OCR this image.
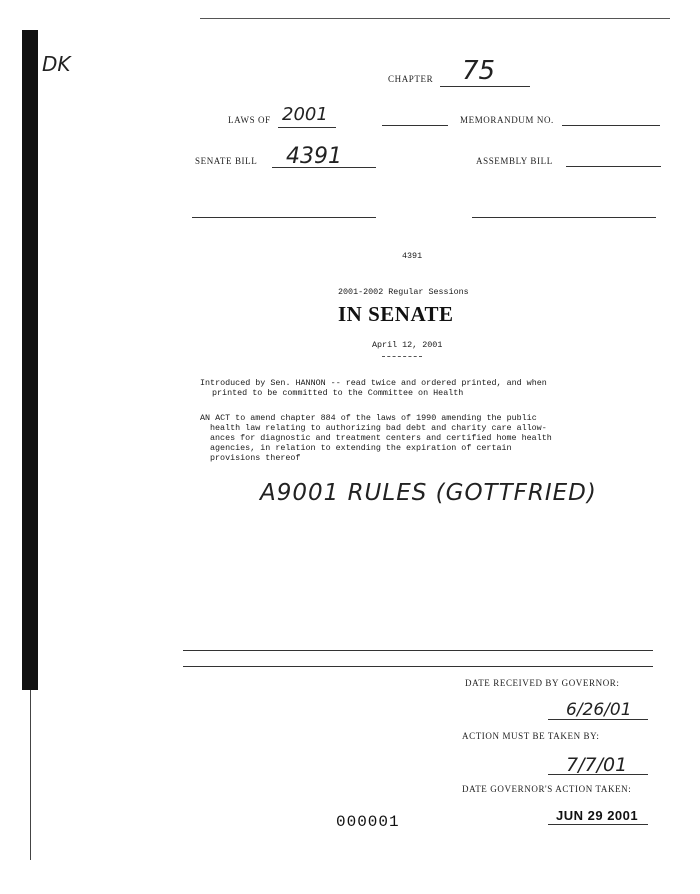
DK
CHAPTER 75
LAWS OF 2001	MEMORANDUM NO.
SENATE BILL 4391	ASSEMBLY BILL
4391
2001-2002 Regular Sessions
IN SENATE
April 12, 2001
Introduced by Sen. HANNON -- read twice and ordered printed, and when
printed to be committed to the Committee on Health
AN ACT to amend chapter 884 of the laws of 1990 amending the public
health law relating to authorizing bad debt and charity care allow-
ances for diagnostic and treatment centers and certified home health
agencies, in relation to extending the expiration of certain
provisions thereof
A9001 RULES (GOTTFRIED)
DATE RECEIVED BY GOVERNOR:
6/26/01
ACTION MUST BE TAKEN BY:
7/7/01
DATE GOVERNOR'S ACTION TAKEN:
JUN 29 2001
000001
